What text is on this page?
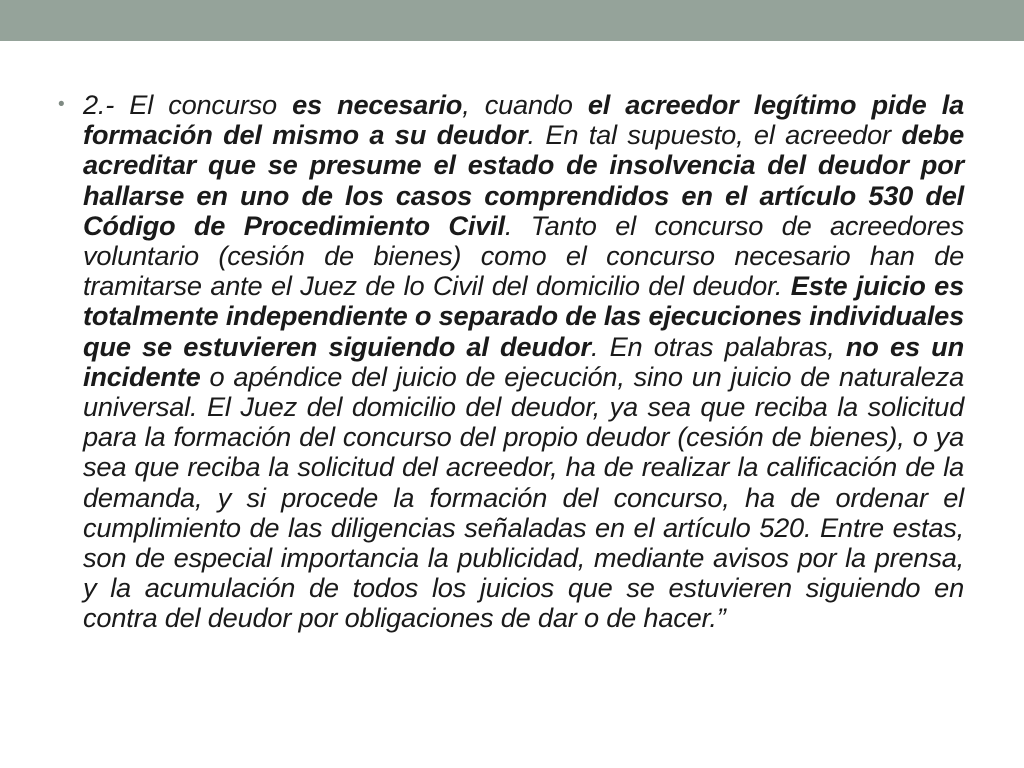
• 2.- El concurso es necesario, cuando el acreedor legítimo pide la formación del mismo a su deudor. En tal supuesto, el acreedor debe acreditar que se presume el estado de insolvencia del deudor por hallarse en uno de los casos comprendidos en el artículo 530 del Código de Procedimiento Civil. Tanto el concurso de acreedores voluntario (cesión de bienes) como el concurso necesario han de tramitarse ante el Juez de lo Civil del domicilio del deudor. Este juicio es totalmente independiente o separado de las ejecuciones individuales que se estuvieren siguiendo al deudor. En otras palabras, no es un incidente o apéndice del juicio de ejecución, sino un juicio de naturaleza universal. El Juez del domicilio del deudor, ya sea que reciba la solicitud para la formación del concurso del propio deudor (cesión de bienes), o ya sea que reciba la solicitud del acreedor, ha de realizar la calificación de la demanda, y si procede la formación del concurso, ha de ordenar el cumplimiento de las diligencias señaladas en el artículo 520. Entre estas, son de especial importancia la publicidad, mediante avisos por la prensa, y la acumulación de todos los juicios que se estuvieren siguiendo en contra del deudor por obligaciones de dar o de hacer.”
